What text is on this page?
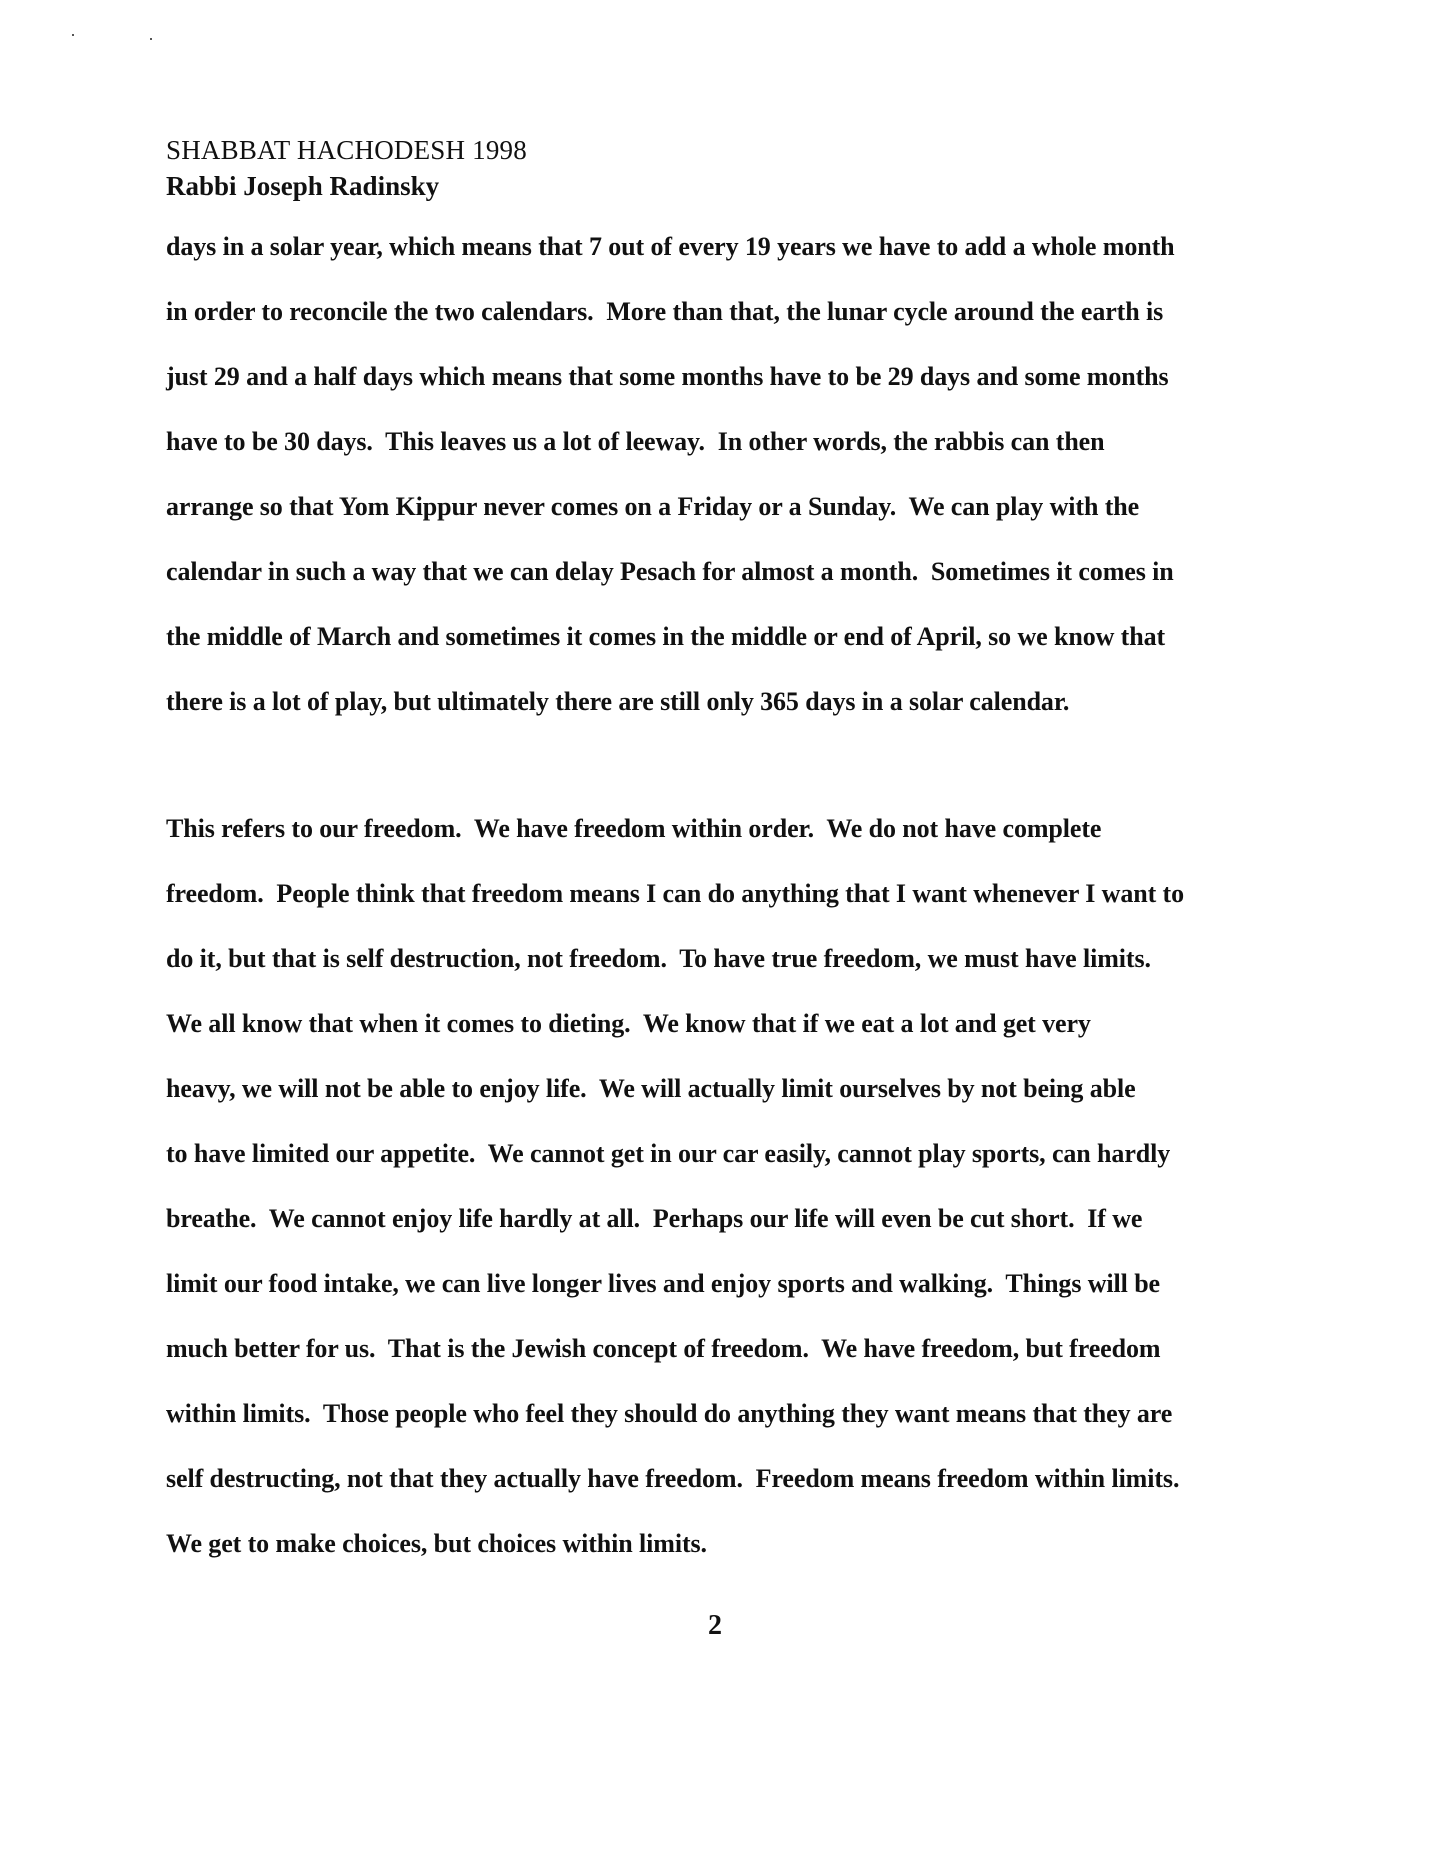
SHABBAT HACHODESH 1998
Rabbi Joseph Radinsky
days in a solar year, which means that 7 out of every 19 years we have to add a whole month
in order to reconcile the two calendars.  More than that, the lunar cycle around the earth is
just 29 and a half days which means that some months have to be 29 days and some months
have to be 30 days.  This leaves us a lot of leeway.  In other words, the rabbis can then
arrange so that Yom Kippur never comes on a Friday or a Sunday.  We can play with the
calendar in such a way that we can delay Pesach for almost a month.  Sometimes it comes in
the middle of March and sometimes it comes in the middle or end of April, so we know that
there is a lot of play, but ultimately there are still only 365 days in a solar calendar.
This refers to our freedom.  We have freedom within order.  We do not have complete
freedom.  People think that freedom means I can do anything that I want whenever I want to
do it, but that is self destruction, not freedom.  To have true freedom, we must have limits.
We all know that when it comes to dieting.  We know that if we eat a lot and get very
heavy, we will not be able to enjoy life.  We will actually limit ourselves by not being able
to have limited our appetite.  We cannot get in our car easily, cannot play sports, can hardly
breathe.  We cannot enjoy life hardly at all.  Perhaps our life will even be cut short.  If we
limit our food intake, we can live longer lives and enjoy sports and walking.  Things will be
much better for us.  That is the Jewish concept of freedom.  We have freedom, but freedom
within limits.  Those people who feel they should do anything they want means that they are
self destructing, not that they actually have freedom.  Freedom means freedom within limits.
We get to make choices, but choices within limits.
2
